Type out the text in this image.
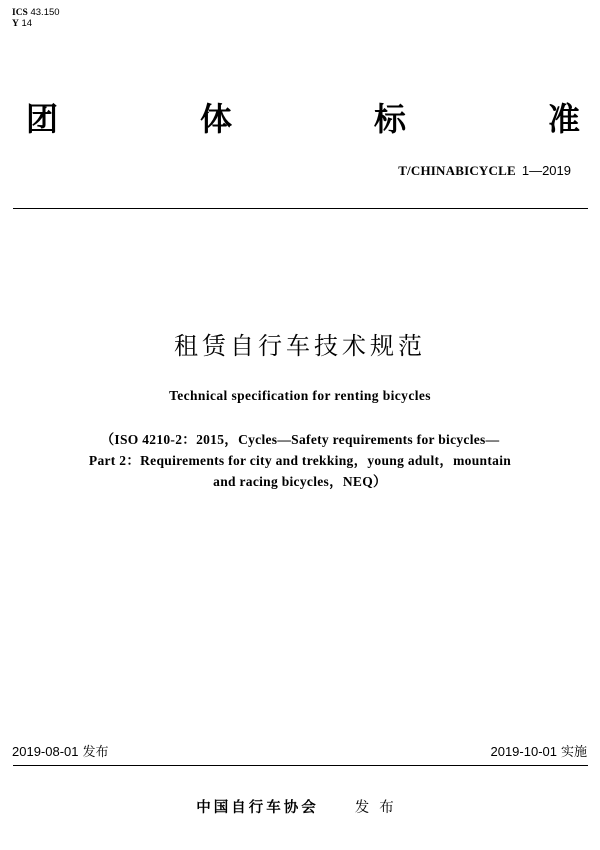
ICS 43.150
Y 14
团	体	标	准
T/CHINABICYCLE 1—2019
租赁自行车技术规范
Technical specification for renting bicycles
（ISO 4210-2：2015，Cycles—Safety requirements for bicycles—
Part 2：Requirements for city and trekking，young adult，mountain
and racing bicycles，NEQ）
2019-08-01 发布	2019-10-01 实施
中国自行车协会 发布
